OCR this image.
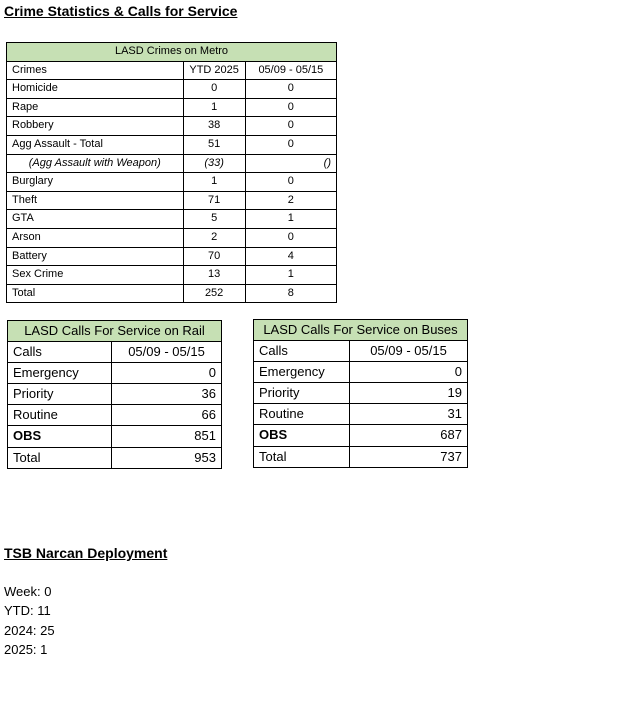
Crime Statistics & Calls for Service
LASD Crimes on Metro		
Crimes	YTD 2025	05/09 - 05/15
Homicide	0	0
Rape	1	0
Robbery	38	0
Agg Assault - Total	51	0
(Agg Assault with Weapon)	(33)	()
Burglary	1	0
Theft	71	2
GTA	5	1
Arson	2	0
Battery	70	4
Sex Crime	13	1
Total	252	8
LASD Calls For Service on Rail	
Calls	05/09 - 05/15
Emergency	0
Priority	36
Routine	66
OBS	851
Total	953
LASD Calls For Service on Buses	
Calls	05/09 - 05/15
Emergency	0
Priority	19
Routine	31
OBS	687
Total	737
TSB Narcan Deployment
Week: 0
YTD: 11
2024: 25
2025: 1
